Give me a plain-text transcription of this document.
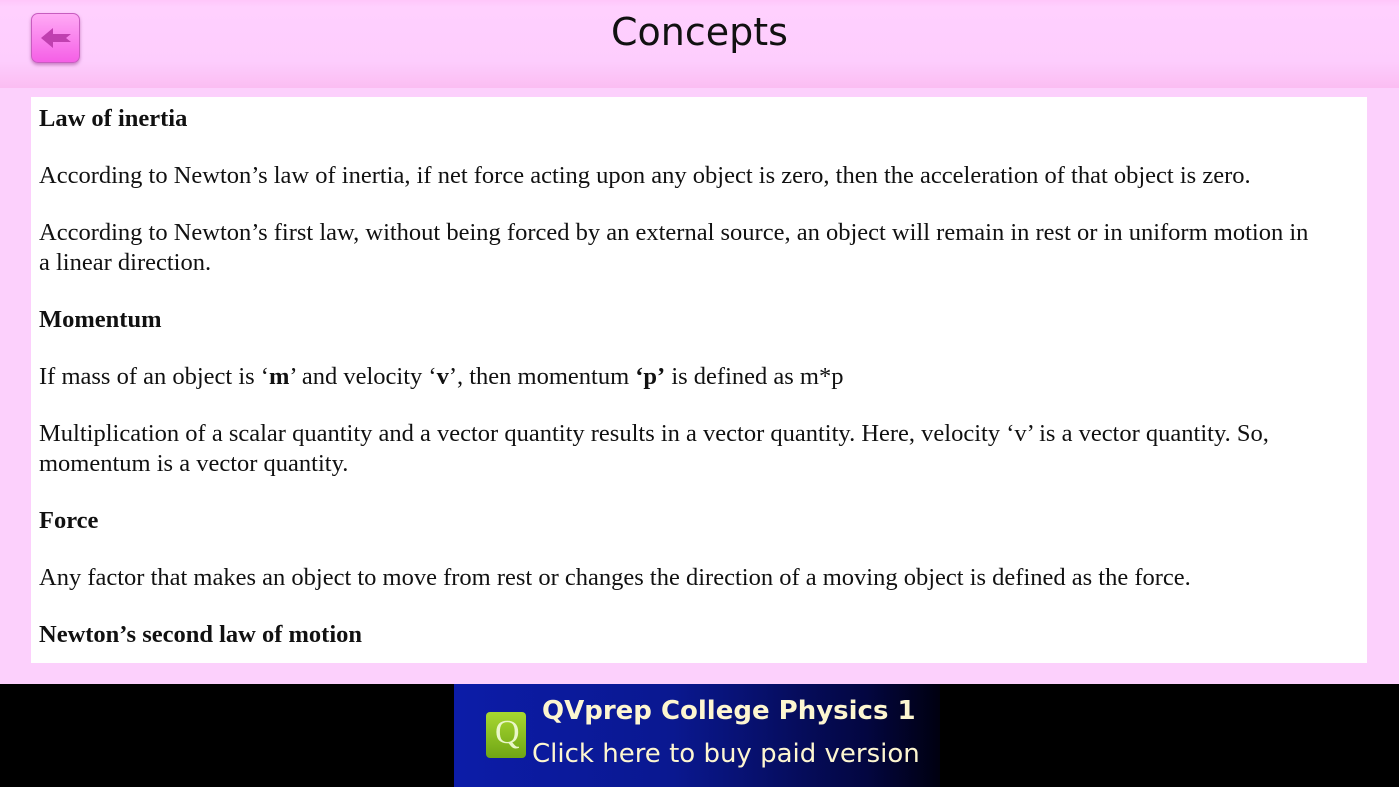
Concepts
Law of inertia

According to Newton’s law of inertia, if net force acting upon any object is zero, then the acceleration of that object is zero.

According to Newton’s first law, without being forced by an external source, an object will remain in rest or in uniform motion in a linear direction.

Momentum

If mass of an object is ‘m’ and velocity ‘v’, then momentum ‘p’ is defined as m*p

Multiplication of a scalar quantity and a vector quantity results in a vector quantity. Here, velocity ‘v’ is a vector quantity. So, momentum is a vector quantity.

Force

Any factor that makes an object to move from rest or changes the direction of a moving object is defined as the force.

Newton’s second law of motion
Q
QVprep College Physics 1
Click here to buy paid version
